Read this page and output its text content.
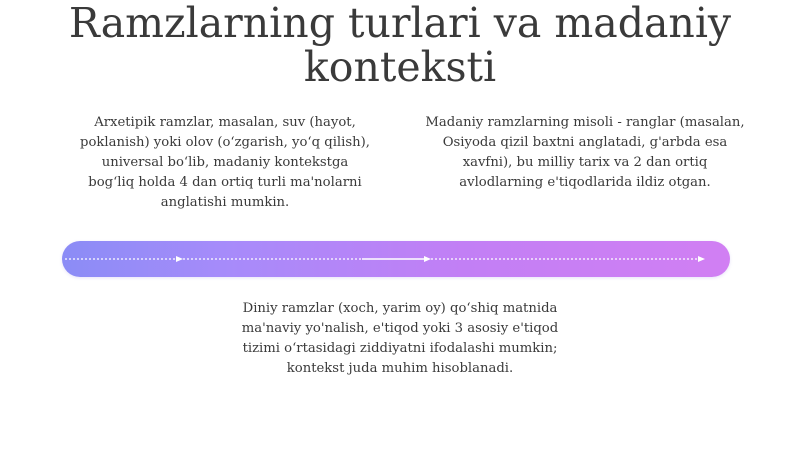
Ramzlarning turlari va madaniy konteksti

Arxetipik ramzlar, masalan, suv (hayot, poklanish) yoki olov (o‘zgarish, yo‘q qilish), universal bo‘lib, madaniy kontekstga bog‘liq holda 4 dan ortiq turli ma'nolarni anglatishi mumkin.

Madaniy ramzlarning misoli - ranglar (masalan, Osiyoda qizil baxtni anglatadi, g'arbda esa xavfni), bu milliy tarix va 2 dan ortiq avlodlarning e'tiqodlarida ildiz otgan.

Diniy ramzlar (xoch, yarim oy) qo‘shiq matnida ma'naviy yo'nalish, e'tiqod yoki 3 asosiy e'tiqod tizimi o‘rtasidagi ziddiyatni ifodalashi mumkin; kontekst juda muhim hisoblanadi.
